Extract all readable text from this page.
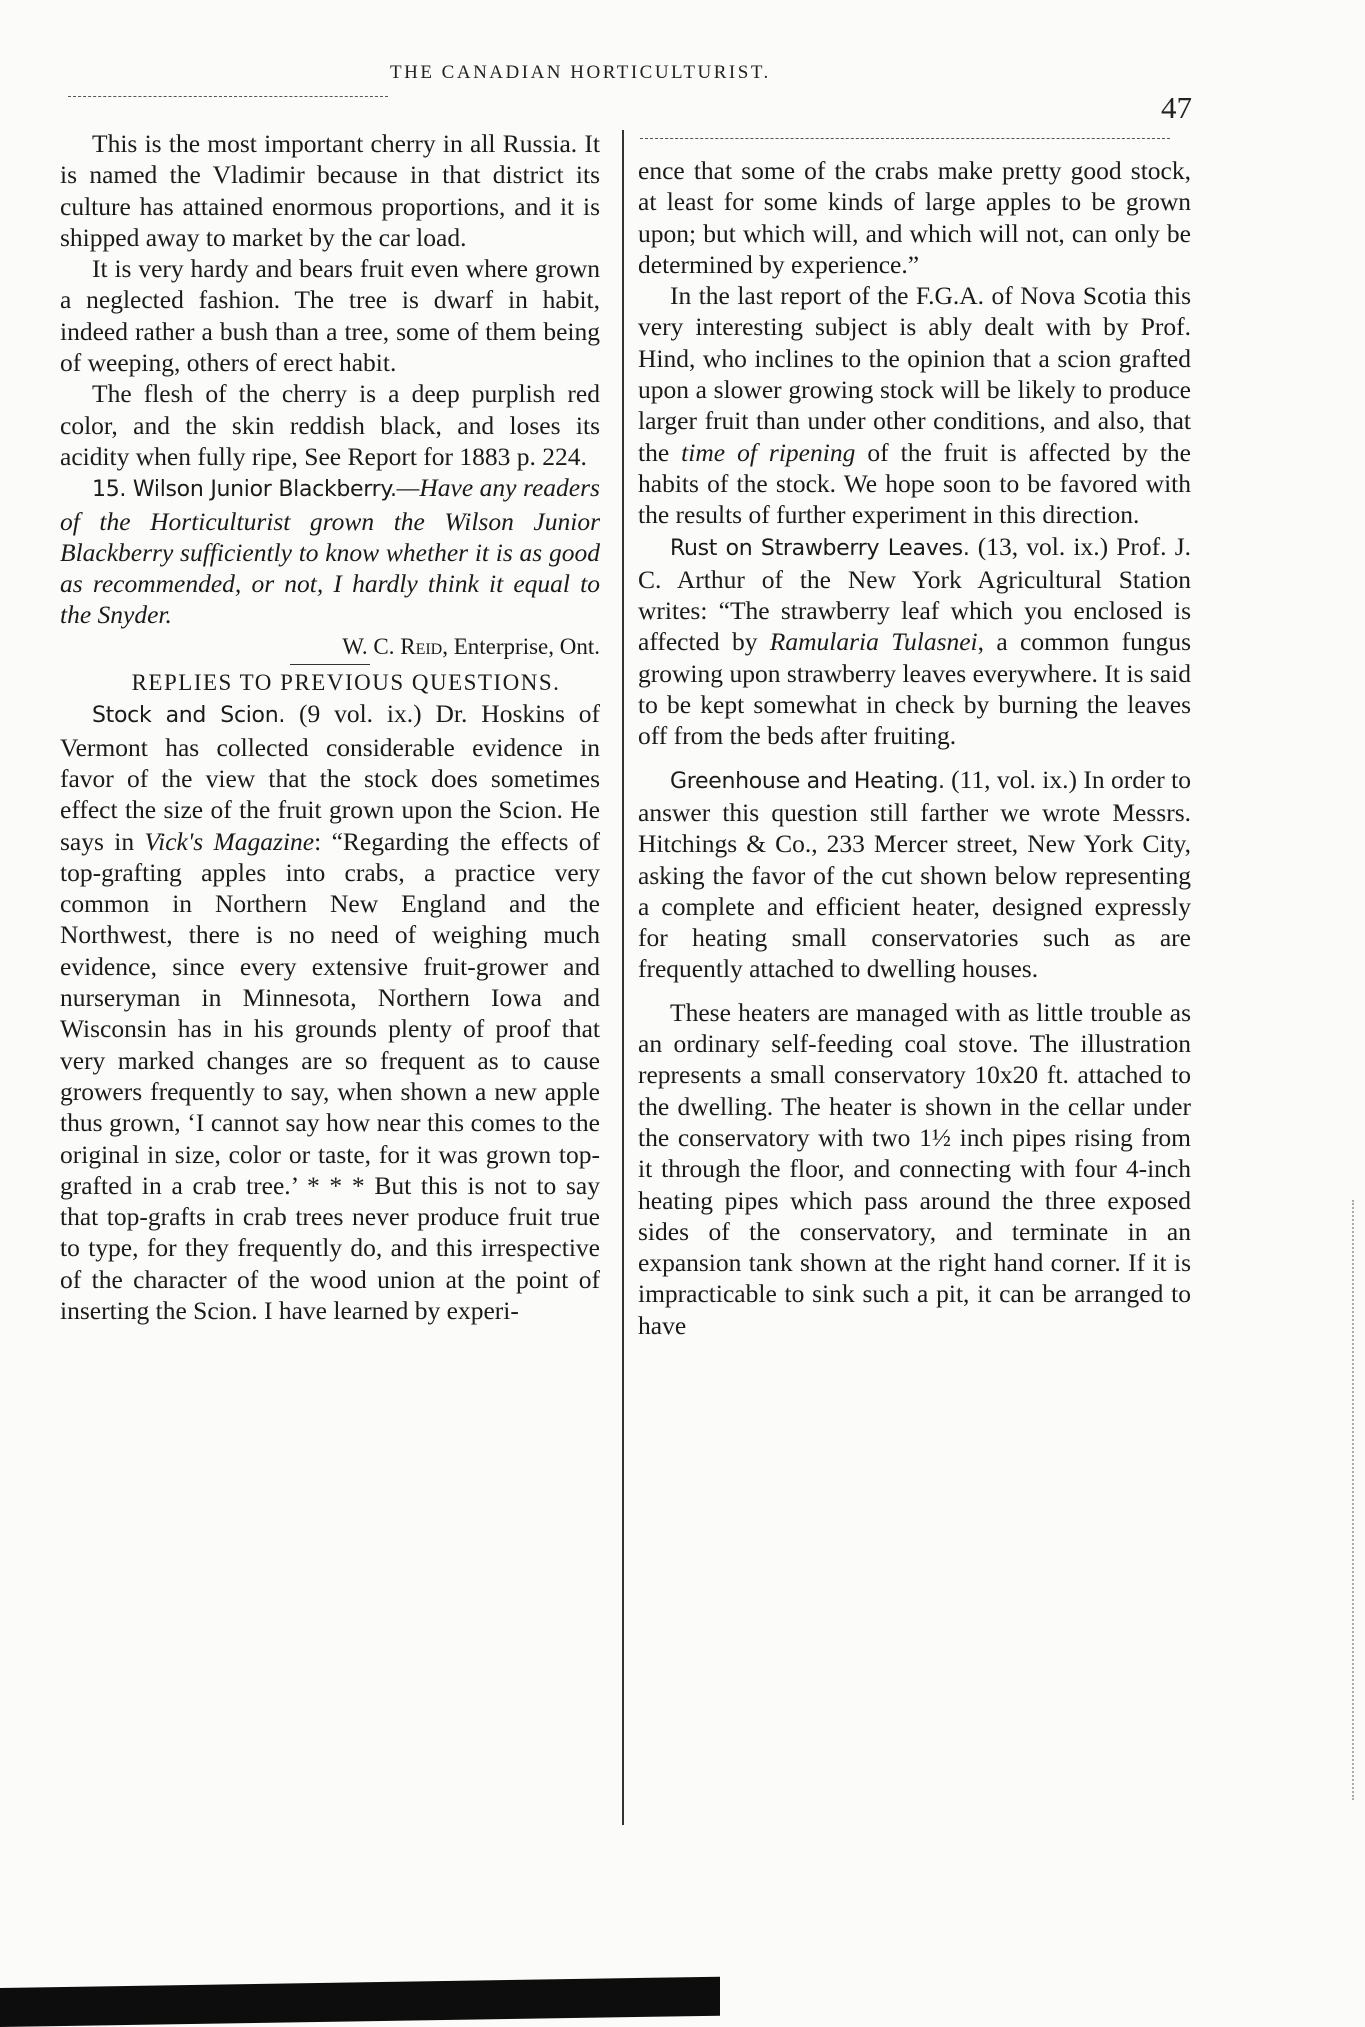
THE CANADIAN HORTICULTURIST.
47

This is the most important cherry in all Russia. It is named the Vladimir because in that district its culture has attained enormous proportions, and it is shipped away to market by the car load.

It is very hardy and bears fruit even where grown a neglected fashion. The tree is dwarf in habit, indeed rather a bush than a tree, some of them being of weeping, others of erect habit.

The flesh of the cherry is a deep purplish red color, and the skin reddish black, and loses its acidity when fully ripe, See Report for 1883 p. 224.

15. Wilson Junior Blackberry.—Have any readers of the Horticulturist grown the Wilson Junior Blackberry sufficiently to know whether it is as good as recommended, or not, I hardly think it equal to the Snyder.

W. C. Reid, Enterprise, Ont.

REPLIES TO PREVIOUS QUESTIONS.

Stock and Scion. (9 vol. ix.) Dr. Hoskins of Vermont has collected considerable evidence in favor of the view that the stock does sometimes effect the size of the fruit grown upon the Scion. He says in Vick's Magazine: “Regarding the effects of top-grafting apples into crabs, a practice very common in Northern New England and the Northwest, there is no need of weighing much evidence, since every extensive fruit-grower and nurseryman in Minnesota, Northern Iowa and Wisconsin has in his grounds plenty of proof that very marked changes are so frequent as to cause growers frequently to say, when shown a new apple thus grown, ‘I cannot say how near this comes to the original in size, color or taste, for it was grown top-grafted in a crab tree.’ * * * But this is not to say that top-grafts in crab trees never produce fruit true to type, for they frequently do, and this irrespective of the character of the wood union at the point of inserting the Scion. I have learned by experi-

ence that some of the crabs make pretty good stock, at least for some kinds of large apples to be grown upon; but which will, and which will not, can only be determined by experience.”

In the last report of the F.G.A. of Nova Scotia this very interesting subject is ably dealt with by Prof. Hind, who inclines to the opinion that a scion grafted upon a slower growing stock will be likely to produce larger fruit than under other conditions, and also, that the time of ripening of the fruit is affected by the habits of the stock. We hope soon to be favored with the results of further experiment in this direction.

Rust on Strawberry Leaves. (13, vol. ix.) Prof. J. C. Arthur of the New York Agricultural Station writes: “The strawberry leaf which you enclosed is affected by Ramularia Tulasnei, a common fungus growing upon strawberry leaves everywhere. It is said to be kept somewhat in check by burning the leaves off from the beds after fruiting.

Greenhouse and Heating. (11, vol. ix.) In order to answer this question still farther we wrote Messrs. Hitchings & Co., 233 Mercer street, New York City, asking the favor of the cut shown below representing a complete and efficient heater, designed expressly for heating small conservatories such as are frequently attached to dwelling houses.

These heaters are managed with as little trouble as an ordinary self-feeding coal stove. The illustration represents a small conservatory 10x20 ft. attached to the dwelling. The heater is shown in the cellar under the conservatory with two 1½ inch pipes rising from it through the floor, and connecting with four 4-inch heating pipes which pass around the three exposed sides of the conservatory, and terminate in an expansion tank shown at the right hand corner. If it is impracticable to sink such a pit, it can be arranged to have
